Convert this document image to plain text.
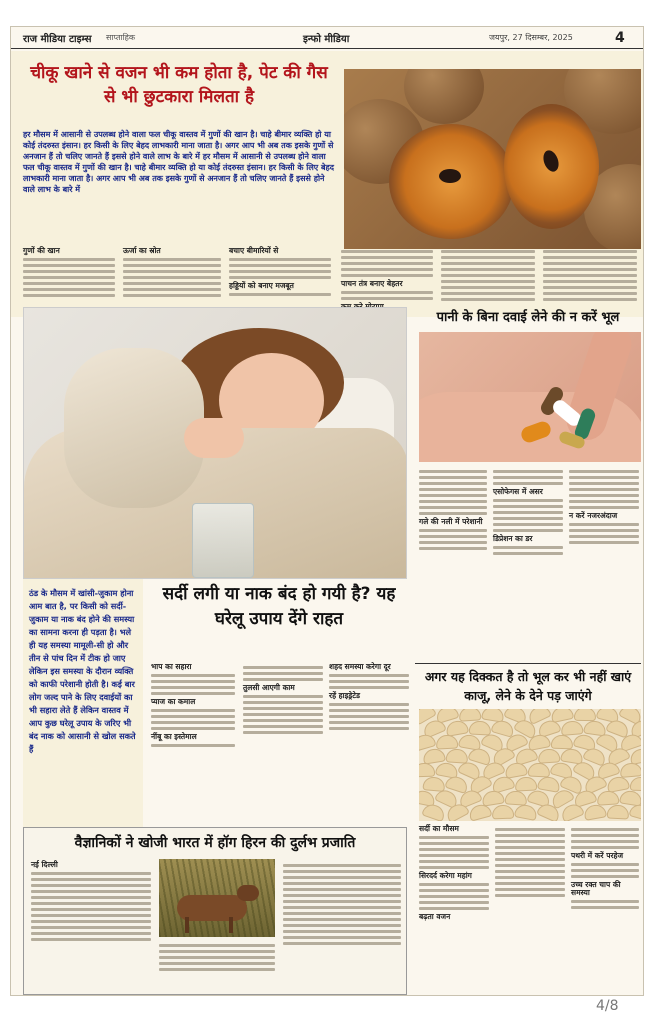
राज मीडिया टाइम्स साप्ताहिक	इन्फो मीडिया	जयपुर, 27 दिसम्बर, 2025	4
चीकू खाने से वजन भी कम होता है, पेट की गैस से भी छुटकारा मिलता है
हर मौसम में आसानी से उपलब्ध होने वाला फल चीकू वास्तव में गुणों की खान है। चाहे बीमार व्यक्ति हो या कोई तंदरुस्त इंसान। हर किसी के लिए बेहद लाभकारी माना जाता है। अगर आप भी अब तक इसके गुणों से अनजान हैं तो चलिए जानते हैं इससे होने वाले लाभ के बारे में हर मौसम में आसानी से उपलब्ध होने वाला फल चीकू वास्तव में गुणों की खान है। चाहे बीमार व्यक्ति हो या कोई तंदरुस्त इंसान। हर किसी के लिए बेहद लाभकारी माना जाता है। अगर आप भी अब तक इसके गुणों से अनजान हैं तो चलिए जानते हैं इससे होने वाले लाभ के बारे में
गुणों की खान	ऊर्जा का स्रोत	बचाए बीमारियों से
हड्डियों को बनाए मजबूत	पाचन तंत्र बनाए बेहतर
ठंड के मौसम में खांसी-जुकाम होना आम बात है, पर किसी को सर्दी-जुकाम या नाक बंद होने की समस्या का सामना करना ही पड़ता है। भले ही यह समस्या मामूली-सी हो और तीन से पांच दिन में टीक हो जाए लेकिन इस समस्या के दौरान व्यक्ति को काफी परेशानी होती है। कई बार लोग जल्द पाने के लिए दवाईयों का भी सहारा लेते हैं लेकिन वास्तव में आप कुछ घरेलू उपाय के जरिए भी बंद नाक को आसानी से खोल सकते हैं
सर्दी लगी या नाक बंद हो गयी है? यह घरेलू उपाय देंगे राहत
भाप का सहारा
प्याज का कमाल
नींबू का इस्तेमाल
तुलसी आएगी काम
शहद समस्या करेगा दूर
रहें हाइड्रेटेड
पानी के बिना दवाई लेने की न करें भूल
गले की नली में परेशानी
एसोफेगस में असर
डिप्रेशन का डर
न करें नजरअंदाज
अगर यह दिक्कत है तो भूल कर भी नहीं खाएं काजू, लेने के देने पड़ जाएंगे
सर्दी का मौसम
सिरदर्द करेगा महांग
बढ़ता वजन
पथरी में करें परहेज
उच्च रक्त चाप की समस्या
वैज्ञानिकों ने खोजी भारत में हॉग हिरन की दुर्लभ प्रजाति
नई दिल्ली
4/8
